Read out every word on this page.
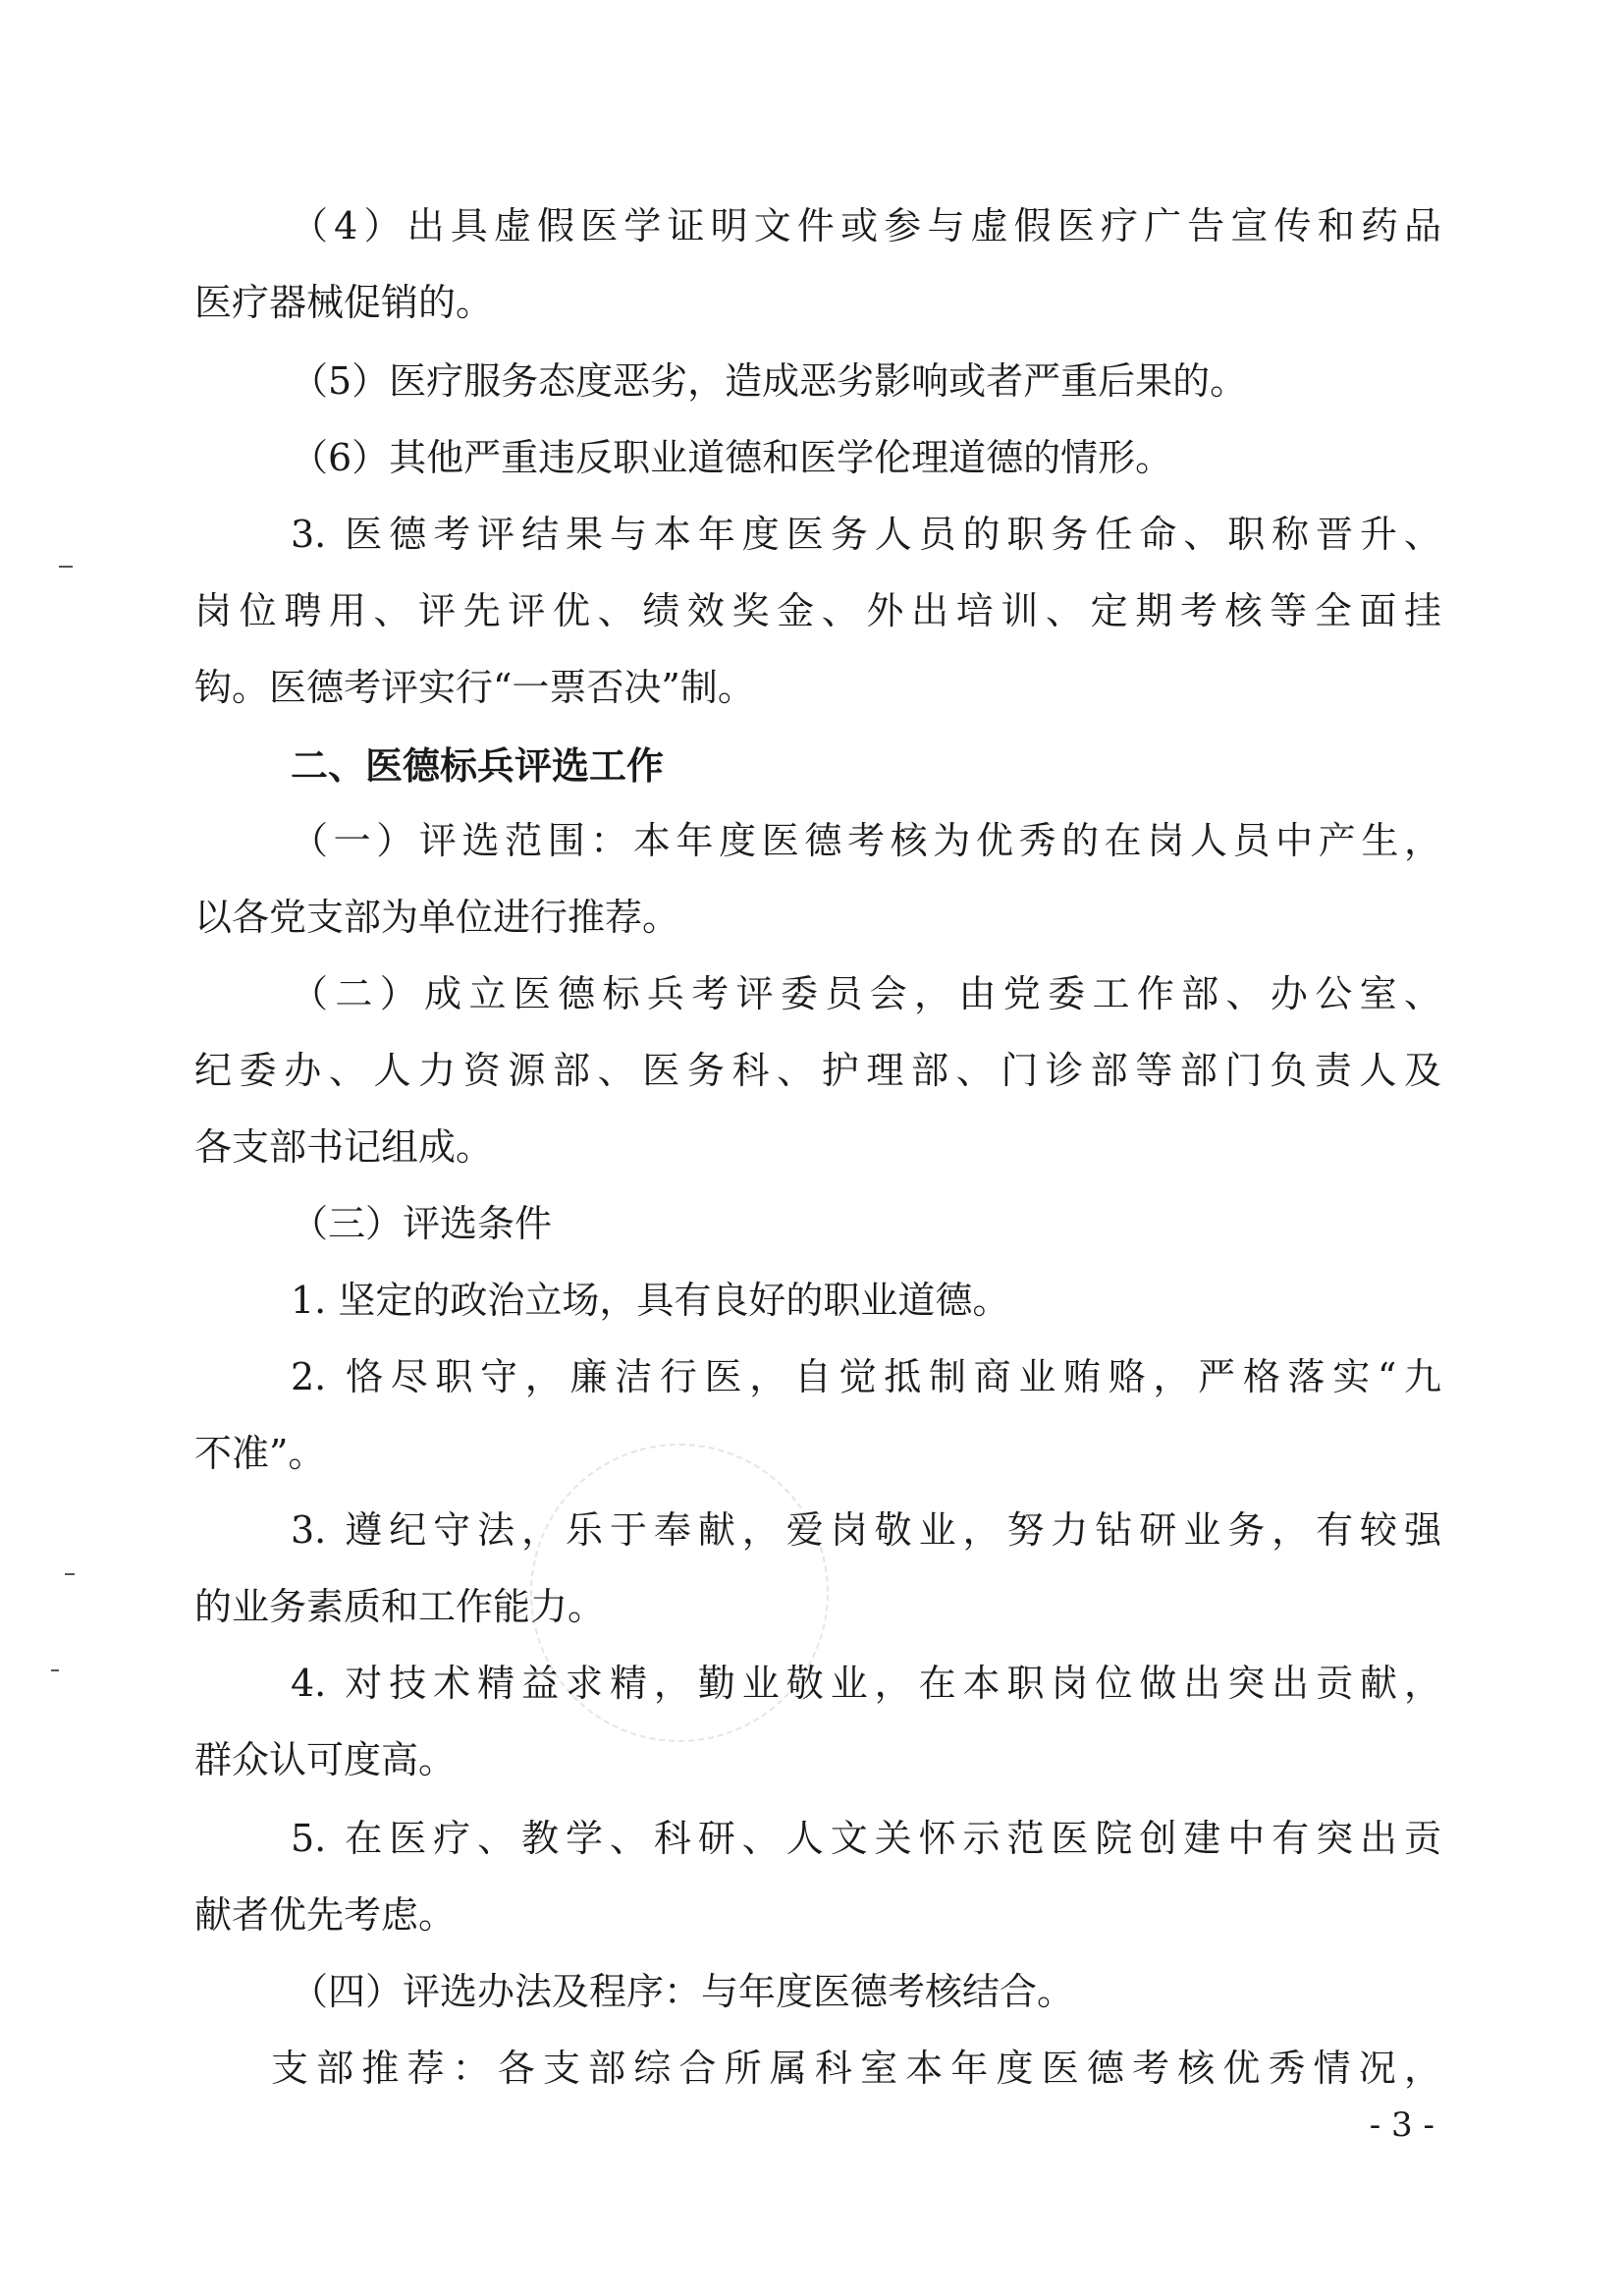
（4）出具虚假医学证明文件或参与虚假医疗广告宣传和药品
医疗器械促销的。
（5）医疗服务态度恶劣，造成恶劣影响或者严重后果的。
（6）其他严重违反职业道德和医学伦理道德的情形。
3. 医德考评结果与本年度医务人员的职务任命、职称晋升、
岗位聘用、评先评优、绩效奖金、外出培训、定期考核等全面挂
钩。医德考评实行“一票否决”制。
二、医德标兵评选工作
（一）评选范围：本年度医德考核为优秀的在岗人员中产生，
以各党支部为单位进行推荐。
（二）成立医德标兵考评委员会，由党委工作部、办公室、
纪委办、人力资源部、医务科、护理部、门诊部等部门负责人及
各支部书记组成。
（三）评选条件
1. 坚定的政治立场，具有良好的职业道德。
2. 恪尽职守，廉洁行医，自觉抵制商业贿赂，严格落实“九
不准”。
3. 遵纪守法，乐于奉献，爱岗敬业，努力钻研业务，有较强
的业务素质和工作能力。
4. 对技术精益求精，勤业敬业，在本职岗位做出突出贡献，
群众认可度高。
5. 在医疗、教学、科研、人文关怀示范医院创建中有突出贡
献者优先考虑。
（四）评选办法及程序：与年度医德考核结合。
支部推荐：各支部综合所属科室本年度医德考核优秀情况，
- 3 -
